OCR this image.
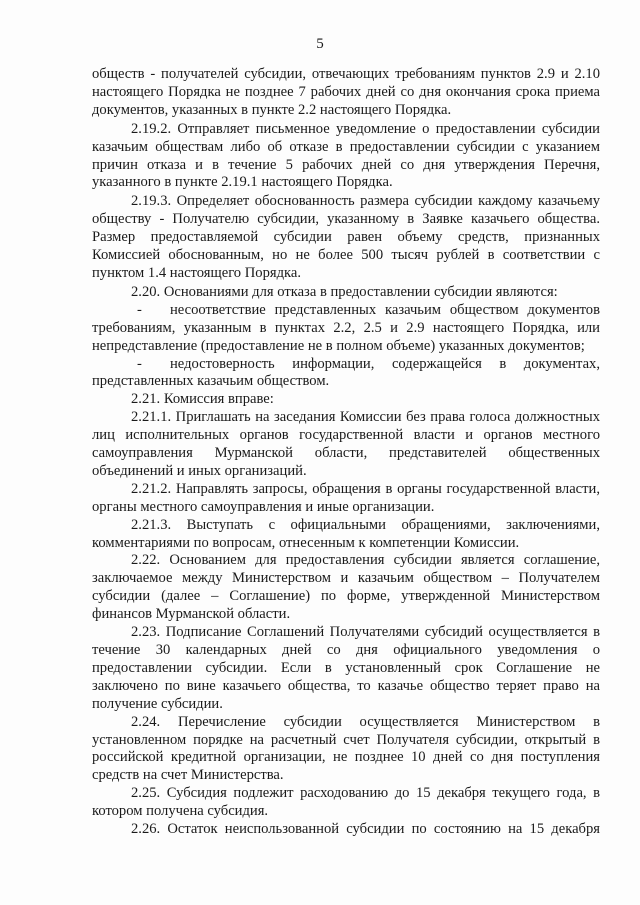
5

обществ - получателей субсидии, отвечающих требованиям пунктов 2.9 и 2.10 настоящего Порядка не позднее 7 рабочих дней со дня окончания срока приема документов, указанных в пункте 2.2 настоящего Порядка.

2.19.2. Отправляет письменное уведомление о предоставлении субсидии казачьим обществам либо об отказе в предоставлении субсидии с указанием причин отказа и в течение 5 рабочих дней со дня утверждения Перечня, указанного в пункте 2.19.1 настоящего Порядка.

2.19.3. Определяет обоснованность размера субсидии каждому казачьему обществу - Получателю субсидии, указанному в Заявке казачьего общества. Размер предоставляемой субсидии равен объему средств, признанных Комиссией обоснованным, но не более 500 тысяч рублей в соответствии с пунктом 1.4 настоящего Порядка.

2.20. Основаниями для отказа в предоставлении субсидии являются:

- несоответствие представленных казачьим обществом документов требованиям, указанным в пунктах 2.2, 2.5 и 2.9 настоящего Порядка, или непредставление (предоставление не в полном объеме) указанных документов;

- недостоверность информации, содержащейся в документах, представленных казачьим обществом.

2.21. Комиссия вправе:

2.21.1. Приглашать на заседания Комиссии без права голоса должностных лиц исполнительных органов государственной власти и органов местного самоуправления Мурманской области, представителей общественных объединений и иных организаций.

2.21.2. Направлять запросы, обращения в органы государственной власти, органы местного самоуправления и иные организации.

2.21.3. Выступать с официальными обращениями, заключениями, комментариями по вопросам, отнесенным к компетенции Комиссии.

2.22. Основанием для предоставления субсидии является соглашение, заключаемое между Министерством и казачьим обществом – Получателем субсидии (далее – Соглашение) по форме, утвержденной Министерством финансов Мурманской области.

2.23. Подписание Соглашений Получателями субсидий осуществляется в течение 30 календарных дней со дня официального уведомления о предоставлении субсидии. Если в установленный срок Соглашение не заключено по вине казачьего общества, то казачье общество теряет право на получение субсидии.

2.24. Перечисление субсидии осуществляется Министерством в установленном порядке на расчетный счет Получателя субсидии, открытый в российской кредитной организации, не позднее 10 дней со дня поступления средств на счет Министерства.

2.25. Субсидия подлежит расходованию до 15 декабря текущего года, в котором получена субсидия.

2.26. Остаток неиспользованной субсидии по состоянию на 15 декабря
